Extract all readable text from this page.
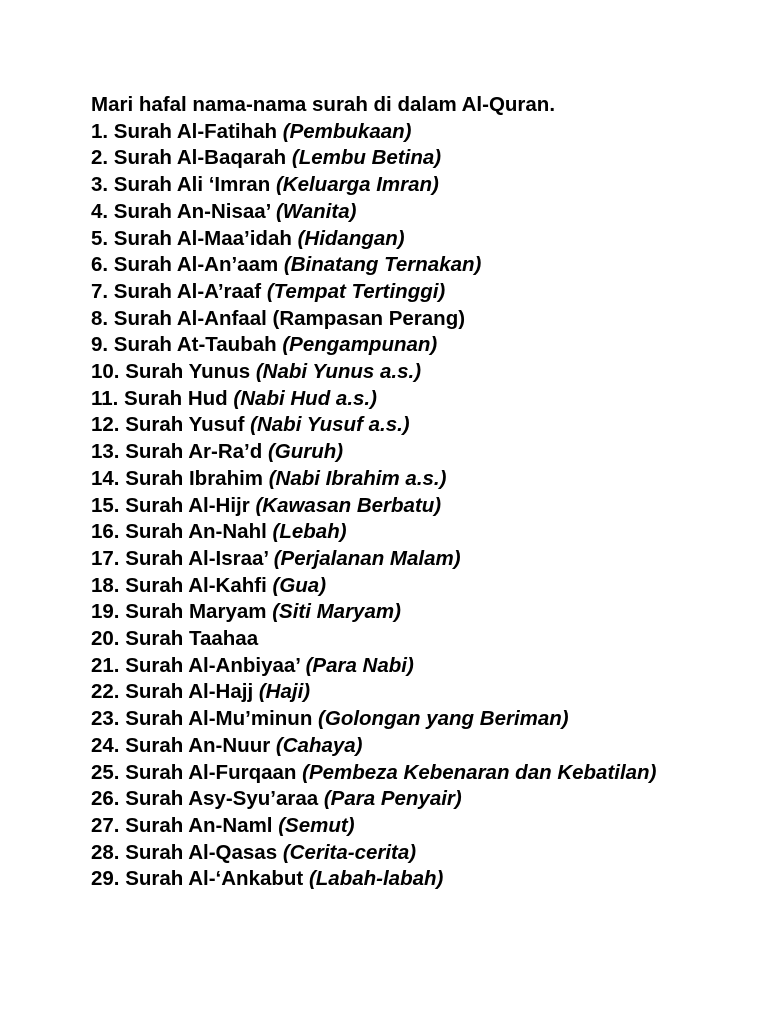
Mari hafal nama-nama surah di dalam Al-Quran.

1. Surah Al-Fatihah (Pembukaan)

2. Surah Al-Baqarah (Lembu Betina)

3. Surah Ali ‘Imran (Keluarga Imran)

4. Surah An-Nisaa’ (Wanita)

5. Surah Al-Maa’idah (Hidangan)

6. Surah Al-An’aam (Binatang Ternakan)

7. Surah Al-A’raaf (Tempat Tertinggi)

8. Surah Al-Anfaal (Rampasan Perang)

9. Surah At-Taubah (Pengampunan)

10. Surah Yunus (Nabi Yunus a.s.)

11. Surah Hud (Nabi Hud a.s.)

12. Surah Yusuf (Nabi Yusuf a.s.)

13. Surah Ar-Ra’d (Guruh)

14. Surah Ibrahim (Nabi Ibrahim a.s.)

15. Surah Al-Hijr (Kawasan Berbatu)

16. Surah An-Nahl (Lebah)

17. Surah Al-Israa’ (Perjalanan Malam)

18. Surah Al-Kahfi (Gua)

19. Surah Maryam (Siti Maryam)

20. Surah Taahaa

21. Surah Al-Anbiyaa’ (Para Nabi)

22. Surah Al-Hajj (Haji)

23. Surah Al-Mu’minun (Golongan yang Beriman)

24. Surah An-Nuur (Cahaya)

25. Surah Al-Furqaan (Pembeza Kebenaran dan Kebatilan)

26. Surah Asy-Syu’araa (Para Penyair)

27. Surah An-Naml (Semut)

28. Surah Al-Qasas (Cerita-cerita)

29. Surah Al-‘Ankabut (Labah-labah)
